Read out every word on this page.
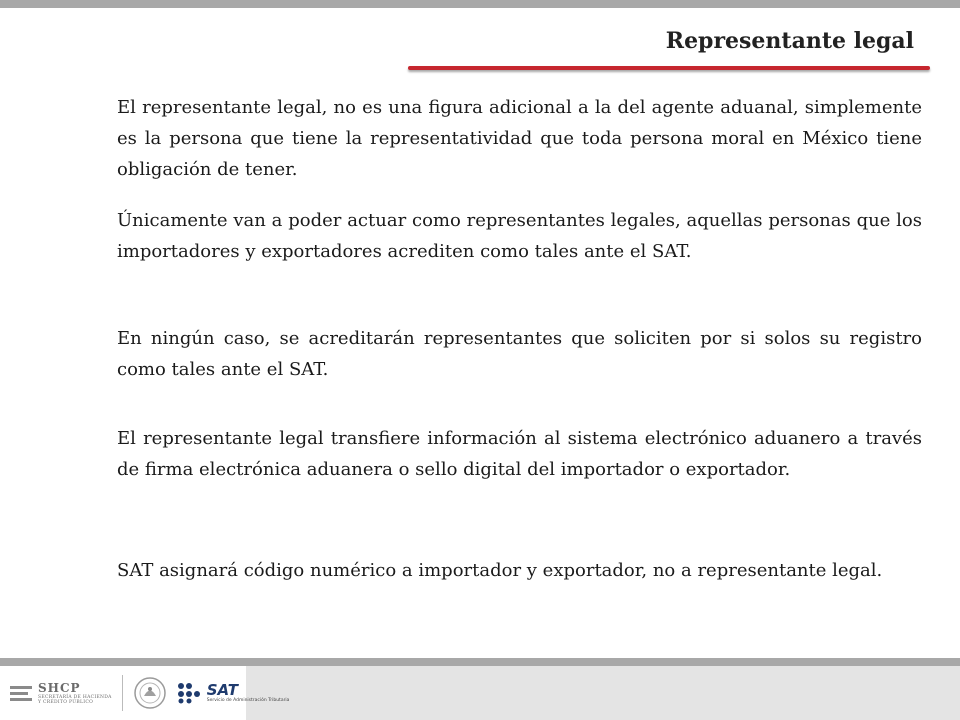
Representante legal

El representante legal, no es una figura adicional a la del agente aduanal, simplemente es la persona que tiene la representatividad que toda persona moral en México tiene obligación de tener.

Únicamente van a poder actuar como representantes legales, aquellas personas que los importadores y exportadores acrediten como tales ante el SAT.

En ningún caso, se acreditarán representantes que soliciten por si solos su registro como tales ante el SAT.

El representante legal transfiere información al sistema electrónico aduanero a través de firma electrónica aduanera o sello digital del importador o exportador.

SAT asignará código numérico a importador y exportador, no a representante legal.

SHCP
SECRETARÍA DE HACIENDA
Y CRÉDITO PÚBLICO
SAT
Servicio de Administración Tributaria
